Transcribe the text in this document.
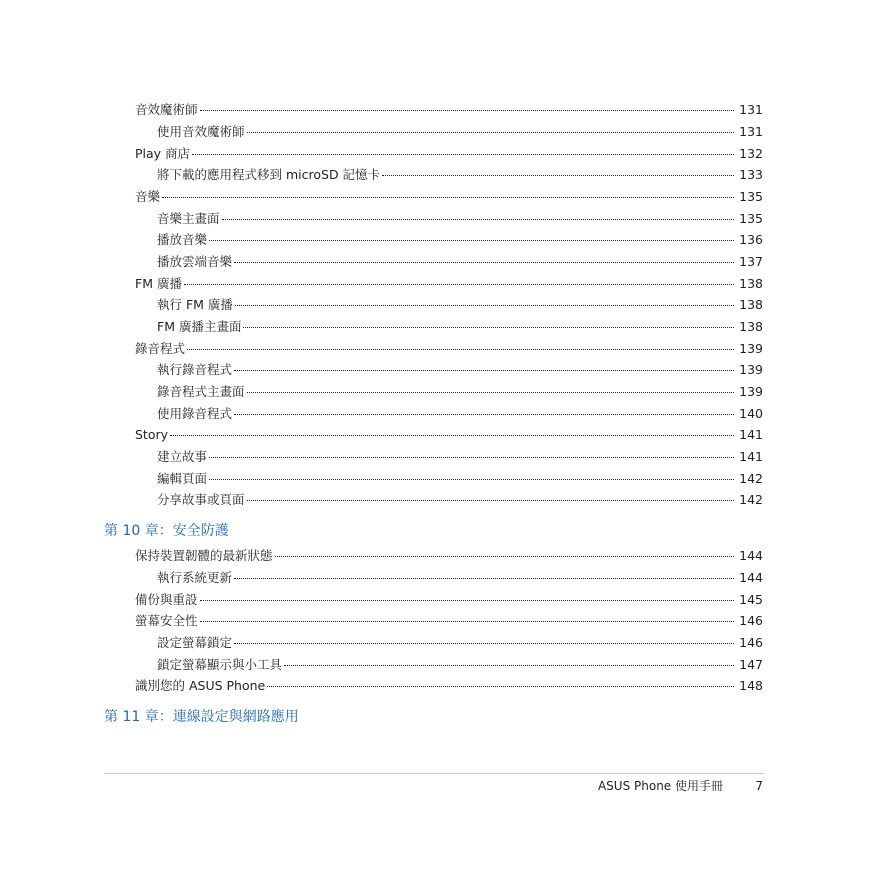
音效魔術師	131
使用音效魔術師	131
Play 商店	132
將下載的應用程式移到 microSD 記憶卡	133
音樂	135
音樂主畫面	135
播放音樂	136
播放雲端音樂	137
FM 廣播	138
執行 FM 廣播	138
FM 廣播主畫面	138
錄音程式	139
執行錄音程式	139
錄音程式主畫面	139
使用錄音程式	140
Story	141
建立故事	141
編輯頁面	142
分享故事或頁面	142
第 10 章：安全防護
保持裝置韌體的最新狀態	144
執行系統更新	144
備份與重設	145
螢幕安全性	146
設定螢幕鎖定	146
鎖定螢幕顯示與小工具	147
識別您的 ASUS Phone	148
第 11 章：連線設定與網路應用
ASUS Phone 使用手冊	7
